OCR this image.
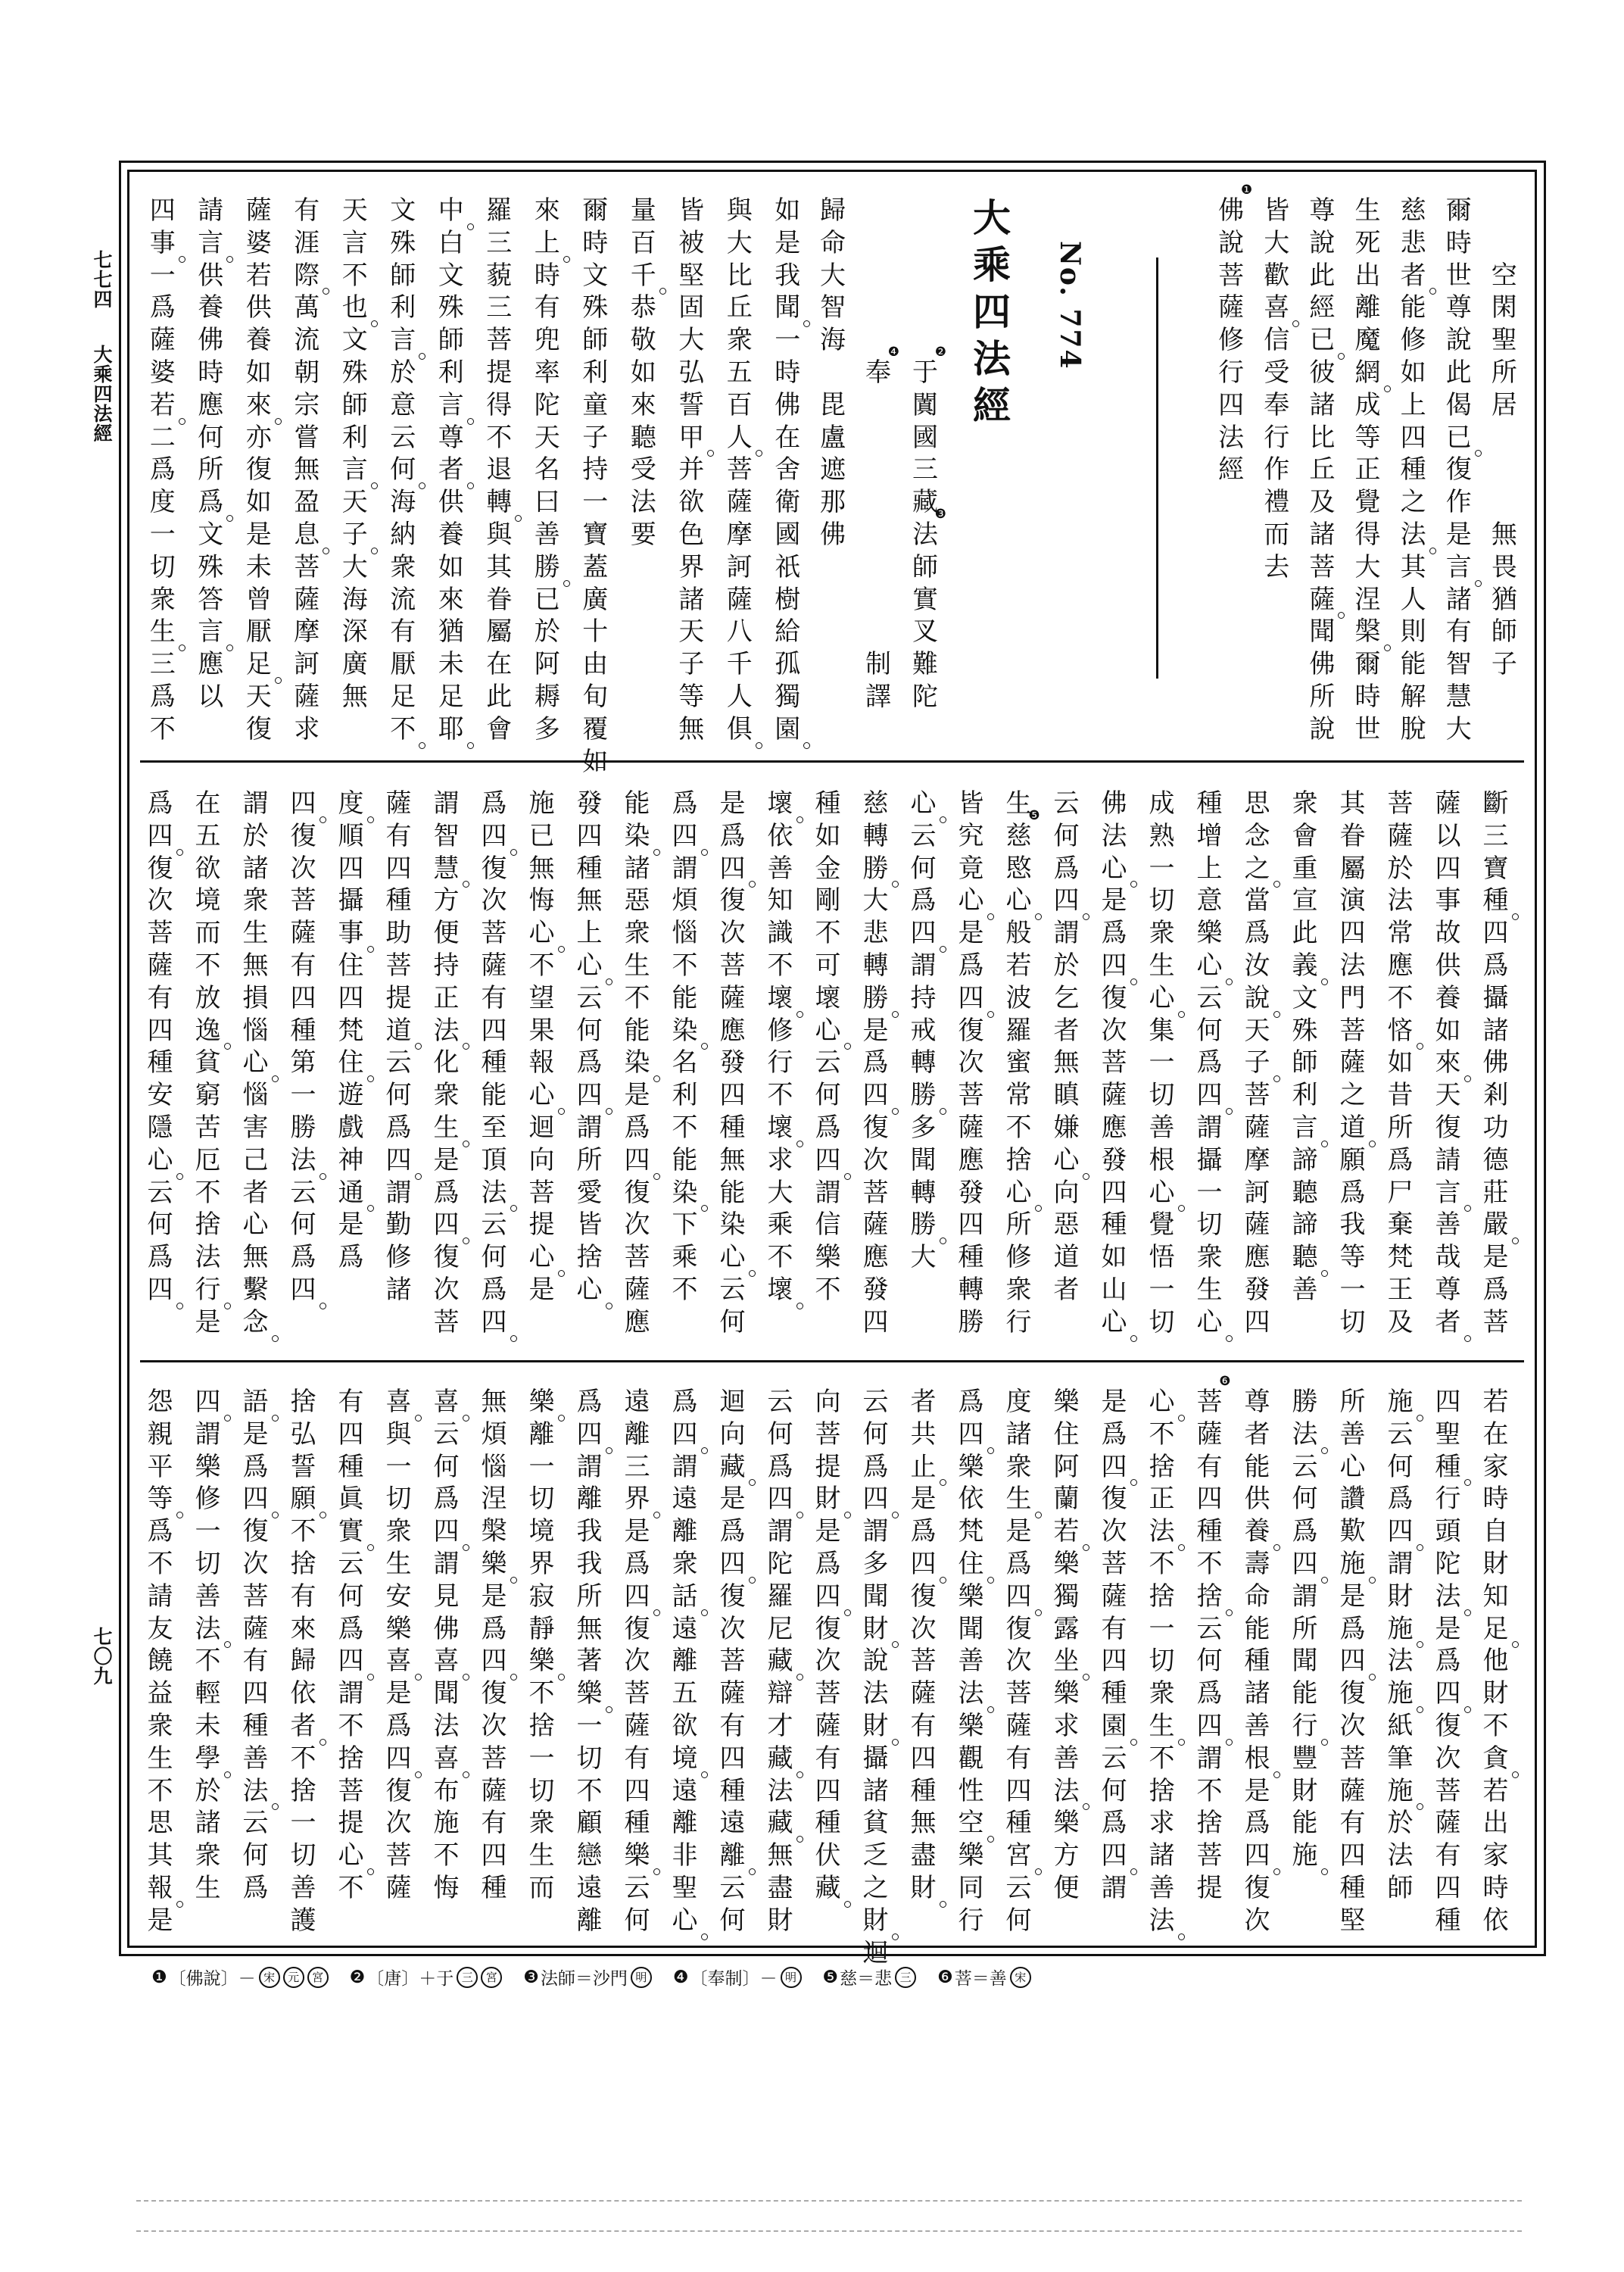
七七四
大乘四法經
七〇九

空
閑
聖
所
居

無
畏
猶
師
子
爾
時
世
尊
說
此
偈
已
復
作
是
言
諸
有
智
慧
大
慈
悲
者
能
修
如
上
四
種
之
法
其
人
則
能
解
脫
生
死
出
離
魔
網
成
等
正
覺
得
大
涅
槃
爾
時
世
尊
說
此
經
已
彼
諸
比
丘
及
諸
菩
薩
聞
佛
所
說
皆
大
歡
喜
信
受
奉
行
作
禮
而
去
佛
❶
說
菩
薩
修
行
四
法
經
No. 774
大
乘
四
法
經

于
❷
闐
國
三
藏
法
❸
師
實
叉
難
陀

奉
❹

制
譯
歸
命
大
智
海

毘
盧
遮
那
佛
如
是
我
聞
一
時
佛
在
舍
衛
國
祇
樹
給
孤
獨
園
與
大
比
丘
衆
五
百
人
菩
薩
摩
訶
薩
八
千
人
俱
皆
被
堅
固
大
弘
誓
甲
并
欲
色
界
諸
天
子
等
無
量
百
千
恭
敬
如
來
聽
受
法
要
爾
時
文
殊
師
利
童
子
持
一
寶
蓋
廣
十
由
旬
覆
如
來
上
時
有
兜
率
陀
天
名
曰
善
勝
已
於
阿
耨
多
羅
三
藐
三
菩
提
得
不
退
轉
與
其
眷
屬
在
此
會
中
白
文
殊
師
利
言
尊
者
供
養
如
來
猶
未
足
耶
文
殊
師
利
言
於
意
云
何
海
納
衆
流
有
厭
足
不
天
言
不
也
文
殊
師
利
言
天
子
大
海
深
廣
無
有
涯
際
萬
流
朝
宗
嘗
無
盈
息
菩
薩
摩
訶
薩
求
薩
婆
若
供
養
如
來
亦
復
如
是
未
曾
厭
足
天
復
請
言
供
養
佛
時
應
何
所
爲
文
殊
答
言
應
以
四
事
一
爲
薩
婆
若
二
爲
度
一
切
衆
生
三
爲
不
斷
三
寶
種
四
爲
攝
諸
佛
剎
功
德
莊
嚴
是
爲
菩
薩
以
四
事
故
供
養
如
來
天
復
請
言
善
哉
尊
者
菩
薩
於
法
常
應
不
悋
如
昔
所
爲
尸
棄
梵
王
及
其
眷
屬
演
四
法
門
菩
薩
之
道
願
爲
我
等
一
切
衆
會
重
宣
此
義
文
殊
師
利
言
諦
聽
諦
聽
善
思
念
之
當
爲
汝
說
天
子
菩
薩
摩
訶
薩
應
發
四
種
增
上
意
樂
心
云
何
爲
四
謂
攝
一
切
衆
生
心
成
熟
一
切
衆
生
心
集
一
切
善
根
心
覺
悟
一
切
佛
法
心
是
爲
四
復
次
菩
薩
應
發
四
種
如
山
心
云
何
爲
四
謂
於
乞
者
無
瞋
嫌
心
向
惡
道
者
生
慈
❺
愍
心
般
若
波
羅
蜜
常
不
捨
心
所
修
衆
行
皆
究
竟
心
是
爲
四
復
次
菩
薩
應
發
四
種
轉
勝
心
云
何
爲
四
謂
持
戒
轉
勝
多
聞
轉
勝
大
慈
轉
勝
大
悲
轉
勝
是
爲
四
復
次
菩
薩
應
發
四
種
如
金
剛
不
可
壞
心
云
何
爲
四
謂
信
樂
不
壞
依
善
知
識
不
壞
修
行
不
壞
求
大
乘
不
壞
是
爲
四
復
次
菩
薩
應
發
四
種
無
能
染
心
云
何
爲
四
謂
煩
惱
不
能
染
名
利
不
能
染
下
乘
不
能
染
諸
惡
衆
生
不
能
染
是
爲
四
復
次
菩
薩
應
發
四
種
無
上
心
云
何
爲
四
謂
所
愛
皆
捨
心
施
已
無
悔
心
不
望
果
報
心
迴
向
菩
提
心
是
爲
四
復
次
菩
薩
有
四
種
能
至
頂
法
云
何
爲
四
謂
智
慧
方
便
持
正
法
化
衆
生
是
爲
四
復
次
菩
薩
有
四
種
助
菩
提
道
云
何
爲
四
謂
勤
修
諸
度
順
四
攝
事
住
四
梵
住
遊
戲
神
通
是
爲
四
復
次
菩
薩
有
四
種
第
一
勝
法
云
何
爲
四
謂
於
諸
衆
生
無
損
惱
心
惱
害
己
者
心
無
繫
念
在
五
欲
境
而
不
放
逸
貧
窮
苦
厄
不
捨
法
行
是
爲
四
復
次
菩
薩
有
四
種
安
隱
心
云
何
爲
四
若
在
家
時
自
財
知
足
他
財
不
貪
若
出
家
時
依
四
聖
種
行
頭
陀
法
是
爲
四
復
次
菩
薩
有
四
種
施
云
何
爲
四
謂
財
施
法
施
紙
筆
施
於
法
師
所
善
心
讚
歎
施
是
爲
四
復
次
菩
薩
有
四
種
堅
勝
法
云
何
爲
四
謂
所
聞
能
行
豐
財
能
施
尊
者
能
供
養
壽
命
能
種
諸
善
根
是
爲
四
復
次
菩
❻
薩
有
四
種
不
捨
云
何
爲
四
謂
不
捨
菩
提
心
不
捨
正
法
不
捨
一
切
衆
生
不
捨
求
諸
善
法
是
爲
四
復
次
菩
薩
有
四
種
園
云
何
爲
四
謂
樂
住
阿
蘭
若
樂
獨
露
坐
樂
求
善
法
樂
方
便
度
諸
衆
生
是
爲
四
復
次
菩
薩
有
四
種
宮
云
何
爲
四
樂
依
梵
住
樂
聞
善
法
樂
觀
性
空
樂
同
行
者
共
止
是
爲
四
復
次
菩
薩
有
四
種
無
盡
財
云
何
爲
四
謂
多
聞
財
說
法
財
攝
諸
貧
乏
之
財
迴
向
菩
提
財
是
爲
四
復
次
菩
薩
有
四
種
伏
藏
云
何
爲
四
謂
陀
羅
尼
藏
辯
才
藏
法
藏
無
盡
財
迴
向
藏
是
爲
四
復
次
菩
薩
有
四
種
遠
離
云
何
爲
四
謂
遠
離
衆
話
遠
離
五
欲
境
遠
離
非
聖
心
遠
離
三
界
是
爲
四
復
次
菩
薩
有
四
種
樂
云
何
爲
四
謂
離
我
我
所
無
著
樂
一
切
不
顧
戀
遠
離
樂
離
一
切
境
界
寂
靜
樂
不
捨
一
切
衆
生
而
無
煩
惱
涅
槃
樂
是
爲
四
復
次
菩
薩
有
四
種
喜
云
何
爲
四
謂
見
佛
喜
聞
法
喜
布
施
不
悔
喜
與
一
切
衆
生
安
樂
喜
是
爲
四
復
次
菩
薩
有
四
種
眞
實
云
何
爲
四
謂
不
捨
菩
提
心
不
捨
弘
誓
願
不
捨
有
來
歸
依
者
不
捨
一
切
善
護
語
是
爲
四
復
次
菩
薩
有
四
種
善
法
云
何
爲
四
謂
樂
修
一
切
善
法
不
輕
未
學
於
諸
衆
生
怨
親
平
等
爲
不
請
友
饒
益
衆
生
不
思
其
報
是
❶ 〔佛說〕－ 宋	元	宮 ❷ 〔唐〕＋于 三	宮 ❸ 法師＝沙門 明 ❹ 〔奉制〕－ 明 ❺ 慈＝悲 三 ❻ 菩＝善 宋
